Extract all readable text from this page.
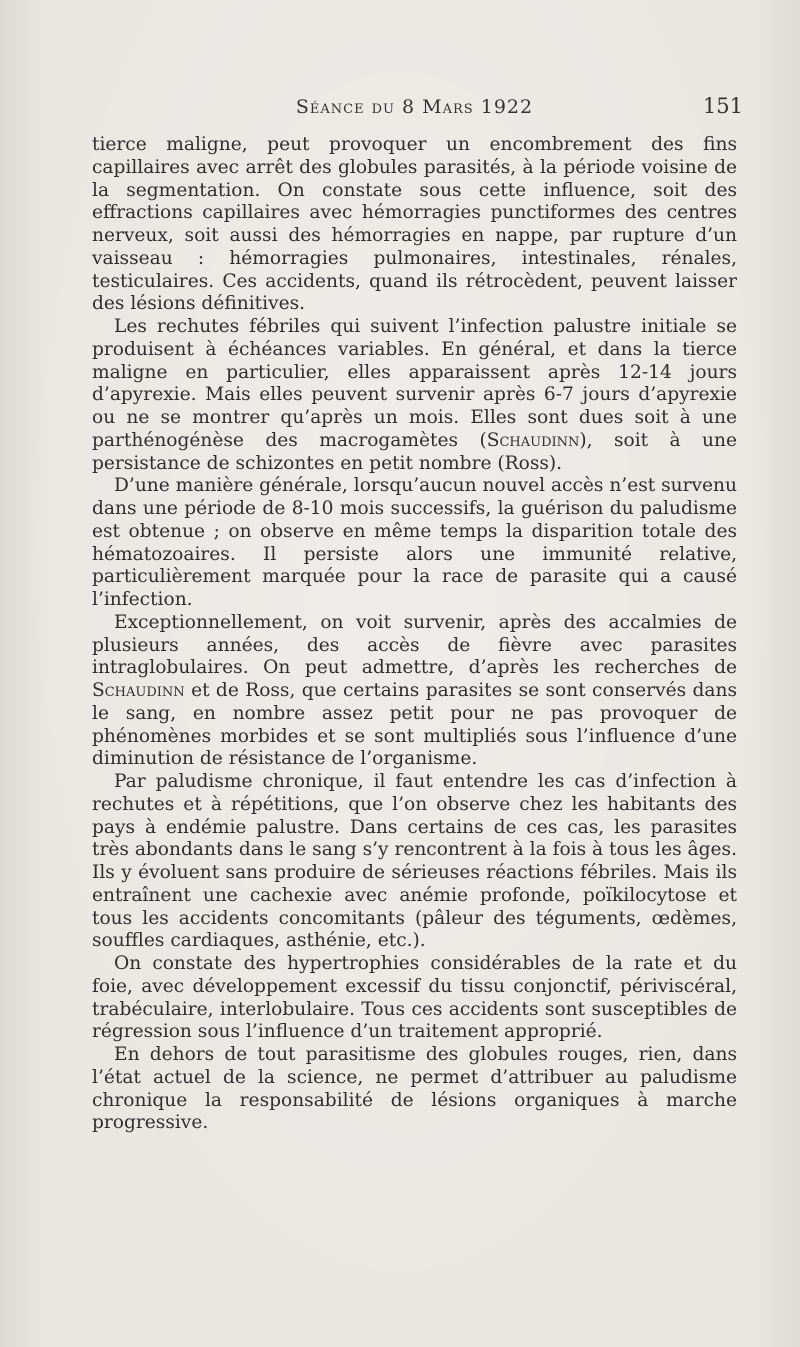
Séance du 8 Mars 1922	151

tierce maligne, peut provoquer un encombrement des fins capillaires avec arrêt des globules parasités, à la période voisine de la segmentation. On constate sous cette influence, soit des effractions capillaires avec hémorragies punctiformes des centres nerveux, soit aussi des hémorragies en nappe, par rupture d’un vaisseau : hémorragies pulmonaires, intestinales, rénales, testiculaires. Ces accidents, quand ils rétrocèdent, peuvent laisser des lésions définitives.

Les rechutes fébriles qui suivent l’infection palustre initiale se produisent à échéances variables. En général, et dans la tierce maligne en particulier, elles apparaissent après 12-14 jours d’apyrexie. Mais elles peuvent survenir après 6-7 jours d’apyrexie ou ne se montrer qu’après un mois. Elles sont dues soit à une parthénogénèse des macrogamètes (Schaudinn), soit à une persistance de schizontes en petit nombre (Ross).

D’une manière générale, lorsqu’aucun nouvel accès n’est survenu dans une période de 8-10 mois successifs, la guérison du paludisme est obtenue ; on observe en même temps la disparition totale des hématozoaires. Il persiste alors une immunité relative, particulièrement marquée pour la race de parasite qui a causé l’infection.

Exceptionnellement, on voit survenir, après des accalmies de plusieurs années, des accès de fièvre avec parasites intraglobulaires. On peut admettre, d’après les recherches de Schaudinn et de Ross, que certains parasites se sont conservés dans le sang, en nombre assez petit pour ne pas provoquer de phénomènes morbides et se sont multipliés sous l’influence d’une diminution de résistance de l’organisme.

Par paludisme chronique, il faut entendre les cas d’infection à rechutes et à répétitions, que l’on observe chez les habitants des pays à endémie palustre. Dans certains de ces cas, les parasites très abondants dans le sang s’y rencontrent à la fois à tous les âges. Ils y évoluent sans produire de sérieuses réactions fébriles. Mais ils entraînent une cachexie avec anémie profonde, poïkilocytose et tous les accidents concomitants (pâleur des téguments, œdèmes, souffles cardiaques, asthénie, etc.).

On constate des hypertrophies considérables de la rate et du foie, avec développement excessif du tissu conjonctif, périviscéral, trabéculaire, interlobulaire. Tous ces accidents sont susceptibles de régression sous l’influence d’un traitement approprié.

En dehors de tout parasitisme des globules rouges, rien, dans l’état actuel de la science, ne permet d’attribuer au paludisme chronique la responsabilité de lésions organiques à marche progressive.
